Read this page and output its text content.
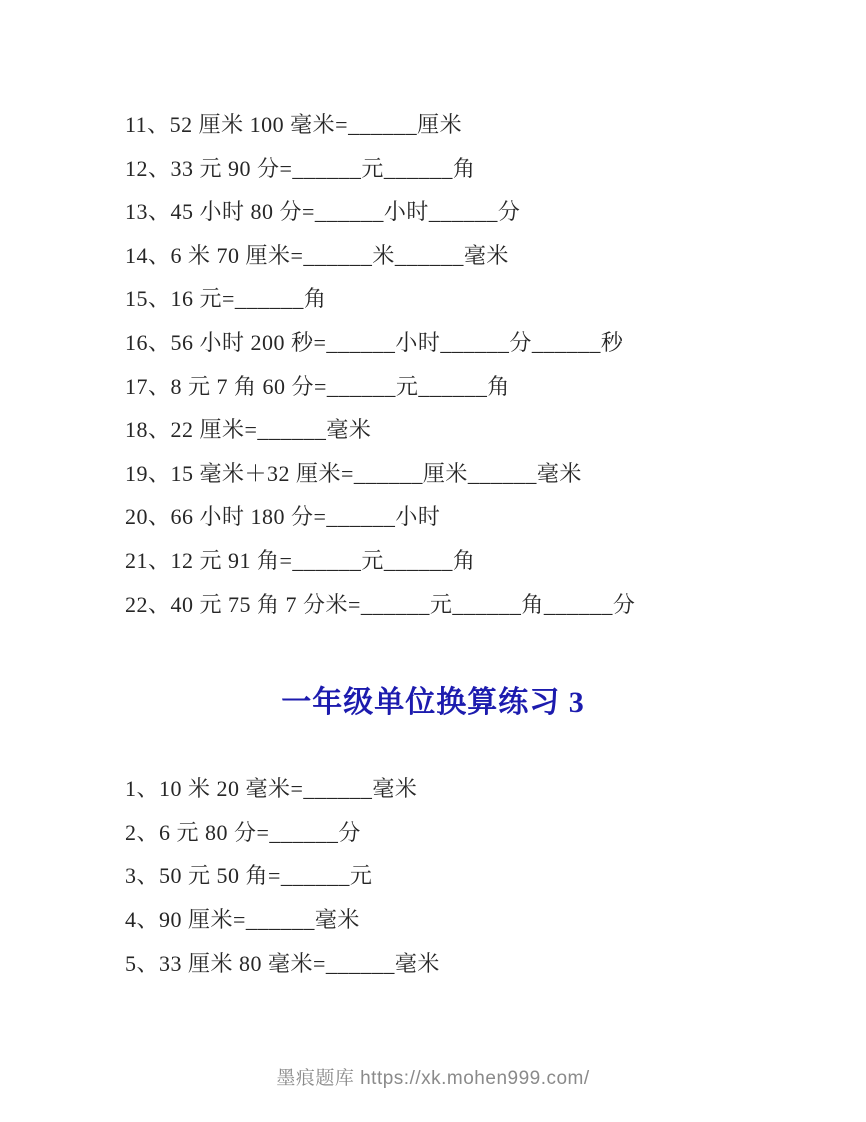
11、52 厘米 100 毫米=______厘米
12、33 元 90 分=______元______角
13、45 小时 80 分=______小时______分
14、6 米 70 厘米=______米______毫米
15、16 元=______角
16、56 小时 200 秒=______小时______分______秒
17、8 元 7 角 60 分=______元______角
18、22 厘米=______毫米
19、15 毫米＋32 厘米=______厘米______毫米
20、66 小时 180 分=______小时
21、12 元 91 角=______元______角
22、40 元 75 角 7 分米=______元______角______分
一年级单位换算练习 3
1、10 米 20 毫米=______毫米
2、6 元 80 分=______分
3、50 元 50 角=______元
4、90 厘米=______毫米
5、33 厘米 80 毫米=______毫米
墨痕题库 https://xk.mohen999.com/
